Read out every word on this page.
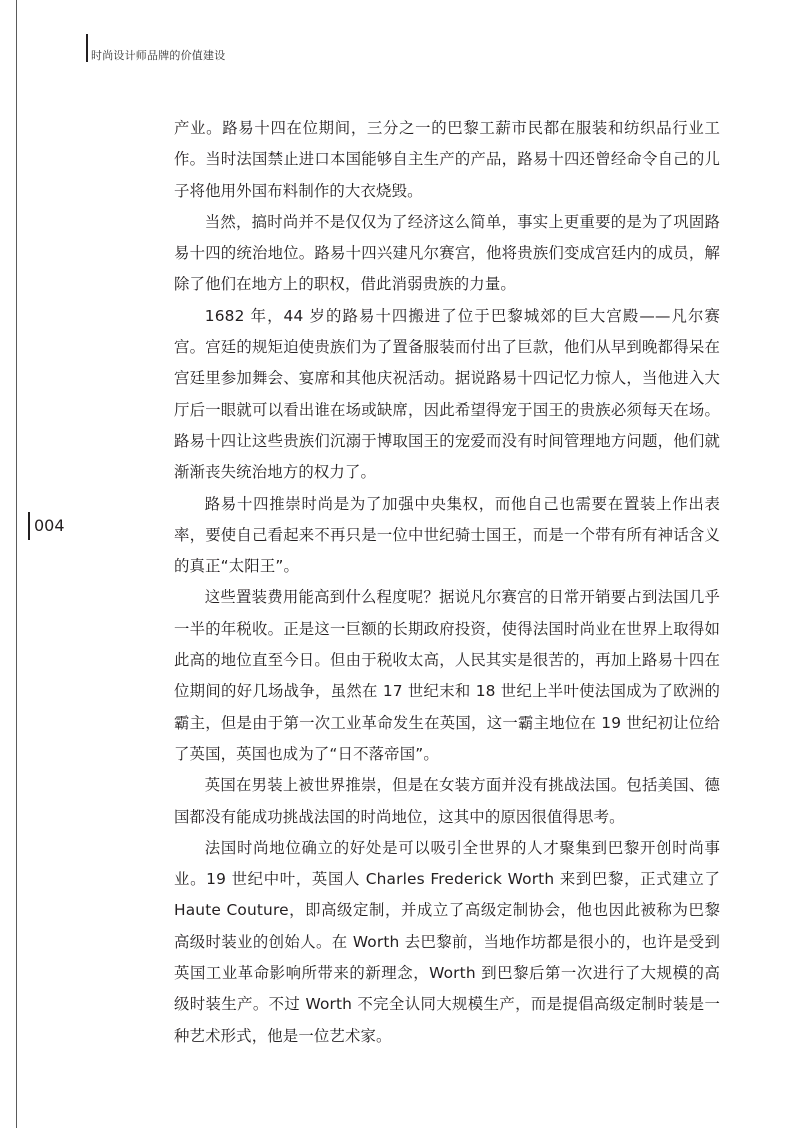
时尚设计师品牌的价值建设
004

产业。路易十四在位期间，三分之一的巴黎工薪市民都在服装和纺织品行业工作。当时法国禁止进口本国能够自主生产的产品，路易十四还曾经命令自己的儿子将他用外国布料制作的大衣烧毁。

当然，搞时尚并不是仅仅为了经济这么简单，事实上更重要的是为了巩固路易十四的统治地位。路易十四兴建凡尔赛宫，他将贵族们变成宫廷内的成员，解除了他们在地方上的职权，借此消弱贵族的力量。

1682 年，44 岁的路易十四搬进了位于巴黎城郊的巨大宫殿——凡尔赛宫。宫廷的规矩迫使贵族们为了置备服装而付出了巨款，他们从早到晚都得呆在宫廷里参加舞会、宴席和其他庆祝活动。据说路易十四记忆力惊人，当他进入大厅后一眼就可以看出谁在场或缺席，因此希望得宠于国王的贵族必须每天在场。路易十四让这些贵族们沉溺于博取国王的宠爱而没有时间管理地方问题，他们就渐渐丧失统治地方的权力了。

路易十四推崇时尚是为了加强中央集权，而他自己也需要在置装上作出表率，要使自己看起来不再只是一位中世纪骑士国王，而是一个带有所有神话含义的真正“太阳王”。

这些置装费用能高到什么程度呢？据说凡尔赛宫的日常开销要占到法国几乎一半的年税收。正是这一巨额的长期政府投资，使得法国时尚业在世界上取得如此高的地位直至今日。但由于税收太高，人民其实是很苦的，再加上路易十四在位期间的好几场战争，虽然在 17 世纪末和 18 世纪上半叶使法国成为了欧洲的霸主，但是由于第一次工业革命发生在英国，这一霸主地位在 19 世纪初让位给了英国，英国也成为了“日不落帝国”。

英国在男装上被世界推崇，但是在女装方面并没有挑战法国。包括美国、德国都没有能成功挑战法国的时尚地位，这其中的原因很值得思考。

法国时尚地位确立的好处是可以吸引全世界的人才聚集到巴黎开创时尚事业。19 世纪中叶，英国人 Charles Frederick Worth 来到巴黎，正式建立了 Haute Couture，即高级定制，并成立了高级定制协会，他也因此被称为巴黎高级时装业的创始人。在 Worth 去巴黎前，当地作坊都是很小的，也许是受到英国工业革命影响所带来的新理念，Worth 到巴黎后第一次进行了大规模的高级时装生产。不过 Worth 不完全认同大规模生产，而是提倡高级定制时装是一种艺术形式，他是一位艺术家。
